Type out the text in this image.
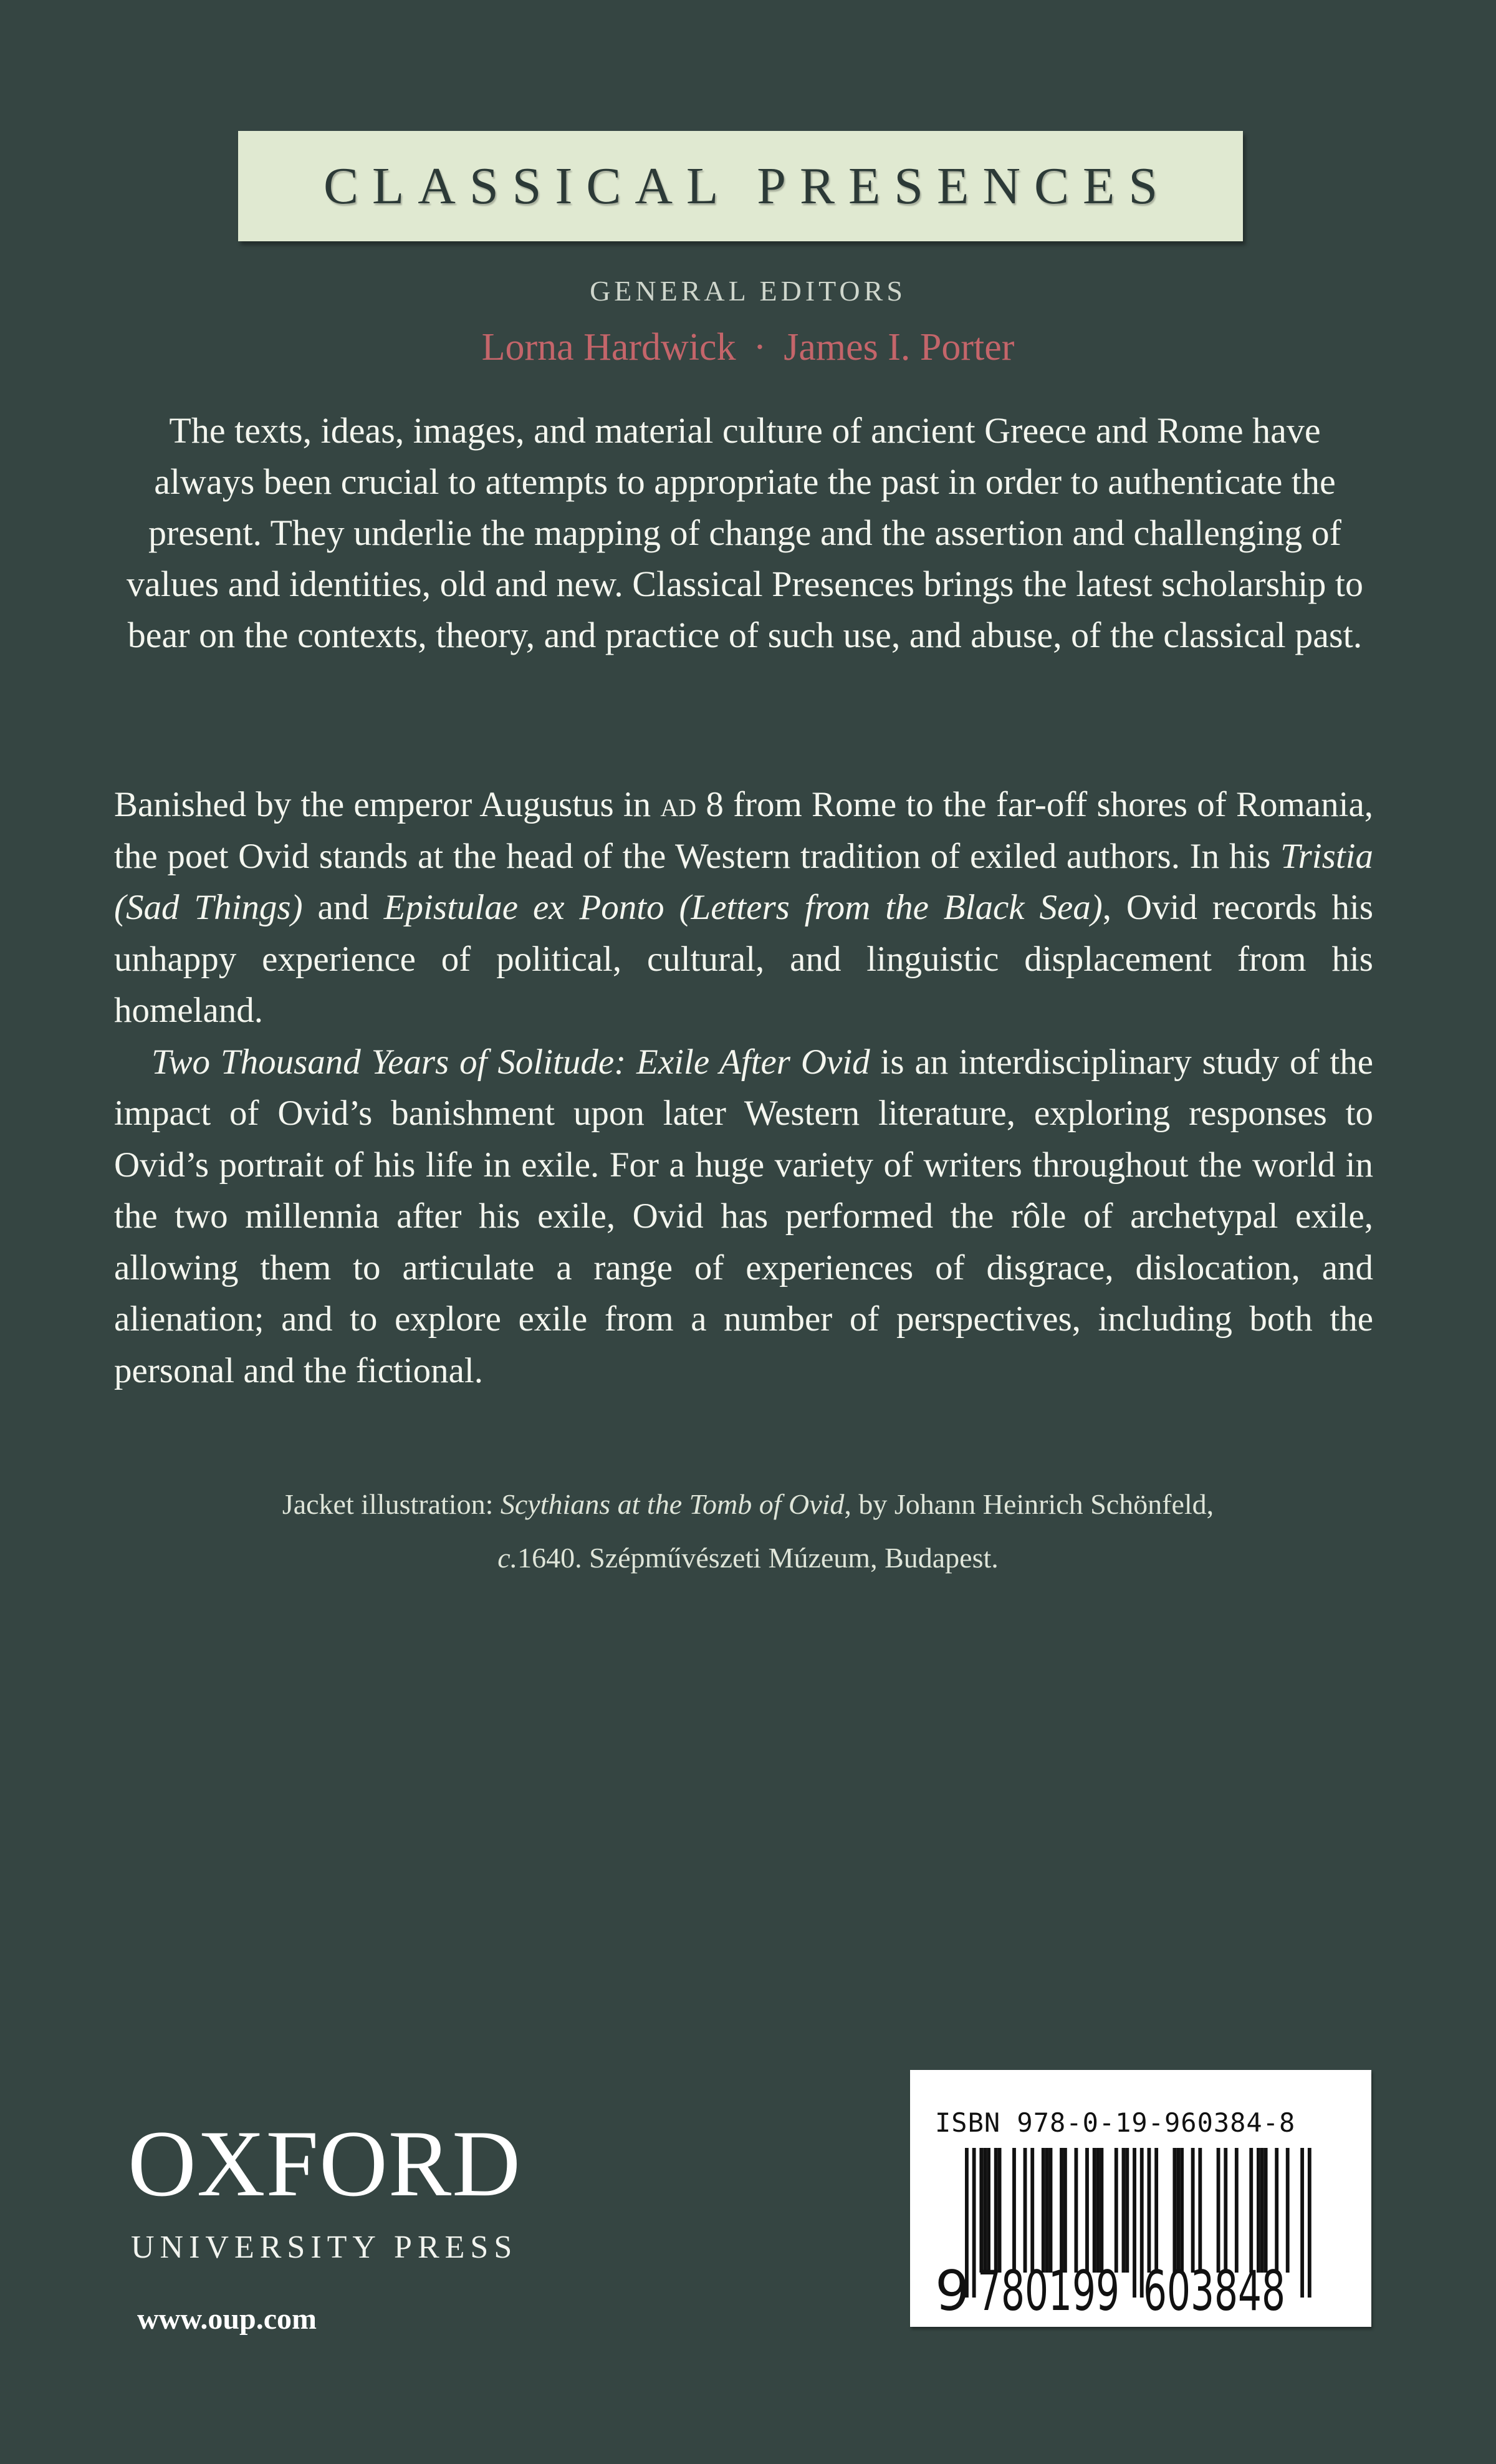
CLASSICAL PRESENCES
GENERAL EDITORS
Lorna Hardwick · James I. Porter

The texts, ideas, images, and material culture of ancient Greece and Rome have always been crucial to attempts to appropriate the past in order to authenticate the present. They underlie the mapping of change and the assertion and challenging of values and identities, old and new. Classical Presences brings the latest scholarship to bear on the contexts, theory, and practice of such use, and abuse, of the classical past.

Banished by the emperor Augustus in ad 8 from Rome to the far-off shores of Romania, the poet Ovid stands at the head of the Western tradition of exiled authors. In his Tristia (Sad Things) and Epistulae ex Ponto (Letters from the Black Sea), Ovid records his unhappy experience of political, cultural, and linguistic displacement from his homeland.

Two Thousand Years of Solitude: Exile After Ovid is an interdisciplinary study of the impact of Ovid’s banishment upon later Western literature, exploring responses to Ovid’s portrait of his life in exile. For a huge variety of writers throughout the world in the two millennia after his exile, Ovid has performed the rôle of archetypal exile, allowing them to articulate a range of experiences of disgrace, dislocation, and alienation; and to explore exile from a number of perspectives, including both the personal and the fictional.

Jacket illustration: Scythians at the Tomb of Ovid, by Johann Heinrich Schönfeld,
c.1640. Szépművészeti Múzeum, Budapest.
OXFORD
UNIVERSITY PRESS
www.oup.com
ISBN 978-0-19-960384-8
9 780199 603848
